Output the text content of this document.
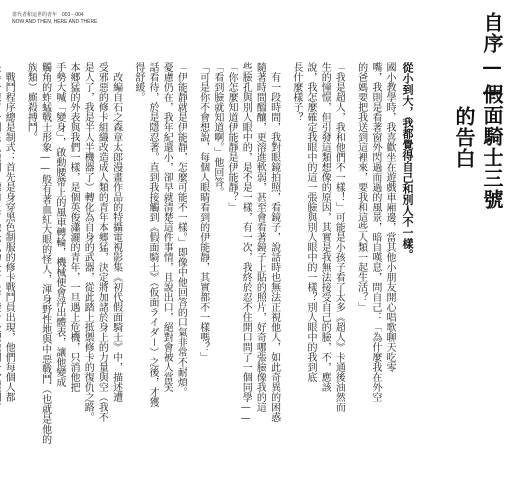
當代者和這世的青年　003－004
NOW AND THEN, HERE AND THERE	自序——
假面騎士三號
的告白
從小到大，我都覺得自己和別人不一樣。
國小教學時，我喜歡坐在遊戲車廂邊，當其他小朋友開心唱歌聊天吃零
嘴，我則是看著窗外閃過而過的風景，暗自嘆息，問自己：「為什麼我在外空
的爸媽要把我送到這裡來，要我和這些人類一起生活？」
「我是超人，我和他們不一樣！」可能是小孩子看了太多《超人》卡通後油然而
生的憧憬，但引發這類想像的原因，其實是我無法接受自己的臉，不，應該
說，我怎麼確定我眼中的這一張臉與別人眼中的一樣？別人眼中的我到底
長什麼樣子？
有一段時間，我對眼鏡拍照，看鏡子，說話時也無法正視他人，如此奇異的困惑
隨著時間醞釀，更溶進軟弱，甚至會看著鏡子上貼的照片，好奇哪張臉像我的這
些臉孔與別人眼中的，是不是一樣，有一次，我終於忍不住開口問了一個同學——
「你怎麼知道伊能靜是伊能靜？」
「看到臉就知道啊。」他回答。
「可是你不會想說，每個人眼睛看到的伊能靜，其實都不一樣嗎？」
「伊能靜就是伊能靜，怎麼可能不一樣。」即像中他回答的口氣非常不耐煩。
憂慮仍在，我年紀還小，卻早就清楚這件事情，且說出口，絕對會被人當笑
話看待，於是隱忍著。直到我接觸到《假面騎士》（仮面ライダー）之後，才獲
得舒緩。
改編自石之森章太郎漫畫作品的特攝電視影集《初代假面騎士》中，描述遭
受邪惡的修卡組織改造成人類的青年本郷猛，決定將加諸於身上的力量與空（我不
是人了，我是半人半機器了）轉化為自身的武器，從此踏上抵禦修卡的復仇之路。
本郷猛的外表與我們一樣，是個英俊瀟灑的青年，一旦遇上危機，只消他把
手勢大喊「變身」，啟動腰帶上的風車轉輪，機械便會浮出體表，讓他變成
觸角的蚱蜢戰士形象——般有著血紅大眼的怪人，渾身野性地與中惡戰鬥（也就是他的
族類）廝殺搏鬥。
戰鬥程序總是制式：首先是身穿黑色制服的修卡戰鬥員出現，他們每個人都
